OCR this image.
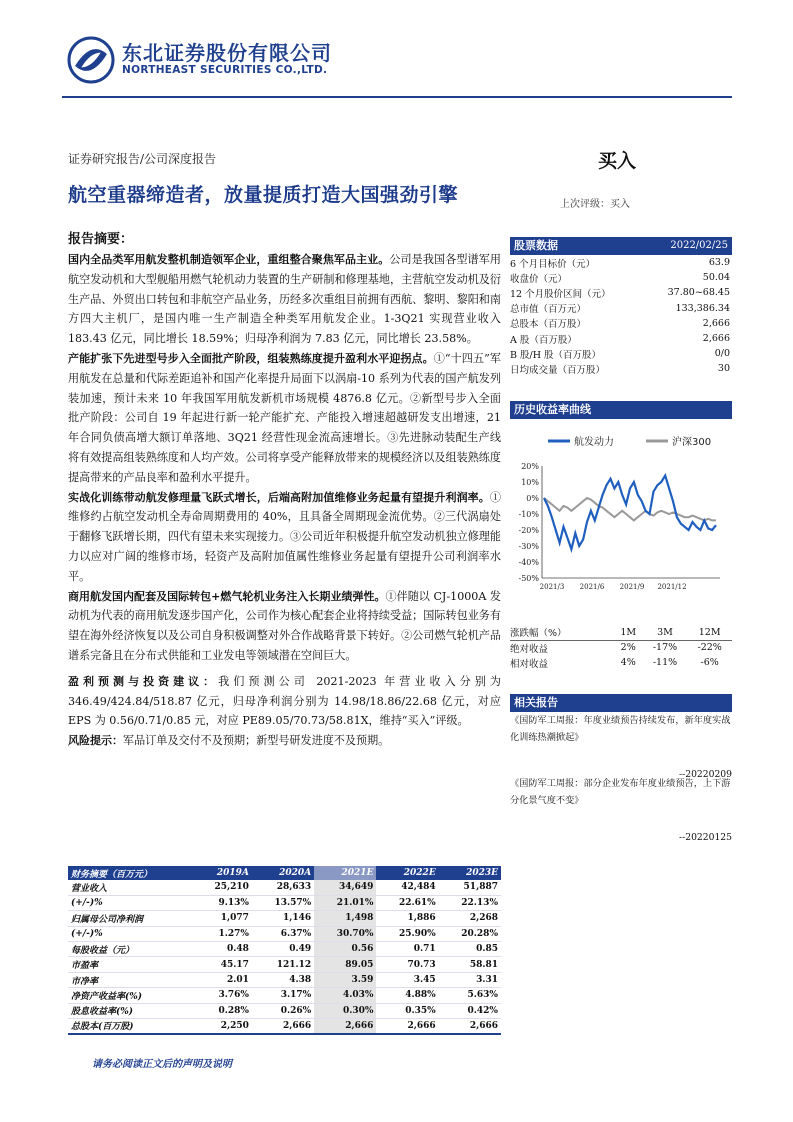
东北证券股份有限公司
NORTHEAST SECURITIES CO.,LTD.
证券研究报告/公司深度报告	买入
航空重器缔造者，放量提质打造大国强劲引擎	上次评级：买入
报告摘要：

国内全品类军用航发整机制造领军企业，重组整合聚焦军品主业。公司是我国各型谱军用航空发动机和大型舰船用燃气轮机动力装置的生产研制和修理基地，主营航空发动机及衍生产品、外贸出口转包和非航空产品业务，历经多次重组目前拥有西航、黎明、黎阳和南方四大主机厂，是国内唯一生产制造全种类军用航发企业。1-3Q21 实现营业收入 183.43 亿元，同比增长 18.59%；归母净利润为 7.83 亿元，同比增长 23.58%。

产能扩张下先进型号步入全面批产阶段，组装熟练度提升盈利水平迎拐点。①“十四五”军用航发在总量和代际差距追补和国产化率提升局面下以涡扇-10 系列为代表的国产航发列装加速，预计未来 10 年我国军用航发新机市场规模 4876.8 亿元。②新型号步入全面批产阶段：公司自 19 年起进行新一轮产能扩充、产能投入增速超越研发支出增速，21 年合同负债高增大额订单落地、3Q21 经营性现金流高速增长。③先进脉动装配生产线将有效提高组装熟练度和人均产效。公司将享受产能释放带来的规模经济以及组装熟练度提高带来的产品良率和盈利水平提升。

实战化训练带动航发修理量飞跃式增长，后端高附加值维修业务起量有望提升利润率。①维修约占航空发动机全寿命周期费用的 40%，且具备全周期现金流优势。②三代涡扇处于翻修飞跃增长期，四代有望未来实现接力。③公司近年积极提升航空发动机独立修理能力以应对广阔的维修市场，轻资产及高附加值属性维修业务起量有望提升公司利润率水平。

商用航发国内配套及国际转包+燃气轮机业务注入长期业绩弹性。①伴随以 CJ-1000A 发动机为代表的商用航发逐步国产化，公司作为核心配套企业将持续受益；国际转包业务有望在海外经济恢复以及公司自身积极调整对外合作战略背景下转好。②公司燃气轮机产品谱系完备且在分布式供能和工业发电等领域潜在空间巨大。

盈利预测与投资建议：我们预测公司 2021-2023 年营业收入分别为 346.49/424.84/518.87 亿元，归母净利润分别为 14.98/18.86/22.68 亿元，对应 EPS 为 0.56/0.71/0.85 元，对应 PE89.05/70.73/58.81X，维持“买入”评级。

风险提示：军品订单及交付不及预期；新型号研发进度不及预期。

财务摘要（百万元）	2019A	2020A	2021E	2022E	2023E
营业收入	25,210	28,633	34,649	42,484	51,887
(+/-)%	9.13%	13.57%	21.01%	22.61%	22.13%
归属母公司净利润	1,077	1,146	1,498	1,886	2,268
(+/-)%	1.27%	6.37%	30.70%	25.90%	20.28%
每股收益（元）	0.48	0.49	0.56	0.71	0.85
市盈率	45.17	121.12	89.05	70.73	58.81
市净率	2.01	4.38	3.59	3.45	3.31
净资产收益率(%)	3.76%	3.17%	4.03%	4.88%	5.63%
股息收益率(%)	0.28%	0.26%	0.30%	0.35%	0.42%
总股本(百万股)	2,250	2,666	2,666	2,666	2,666
请务必阅读正文后的声明及说明
股票数据	2022/02/25
6 个月目标价（元）	63.9
收盘价（元）	50.04
12 个月股价区间（元）	37.80~68.45
总市值（百万元）	133,386.34
总股本（百万股）	2,666
A 股（百万股）	2,666
B 股/H 股（百万股）	0/0
日均成交量（百万股）	30
历史收益率曲线
航发动力	沪深300
20%
10%
0%
-10%
-20%
-30%
-40%
-50%
2021/3 2021/6 2021/9 2021/12
涨跌幅（%）	1M	3M	12M
绝对收益	2%	-17%	-22%
相对收益	4%	-11%	-6%
相关报告
《国防军工周报：年度业绩预告持续发布，新年度实战化训练热潮掀起》
--20220209
《国防军工周报：部分企业发布年度业绩预告，上下游分化景气度不变》
--20220125
